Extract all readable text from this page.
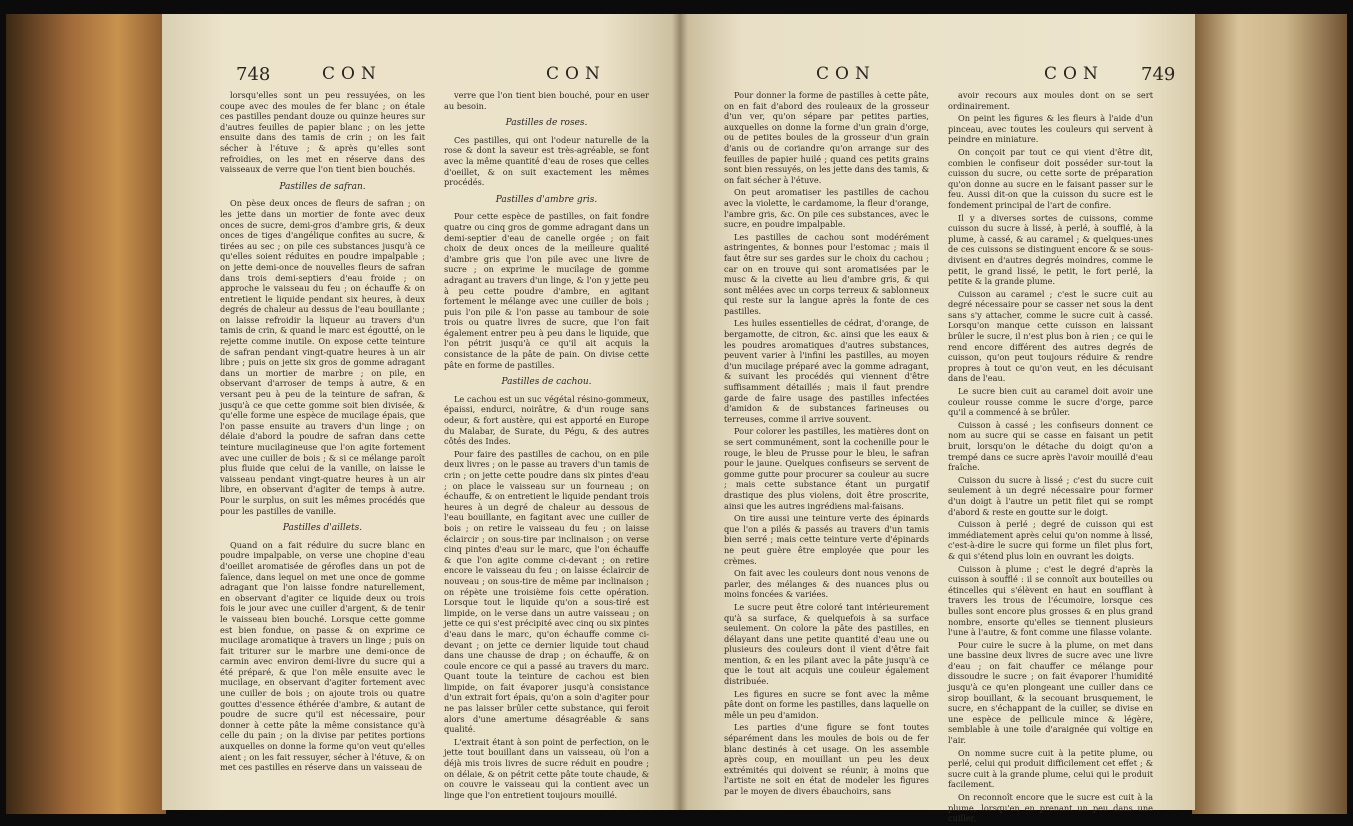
748	CON	CON

lorsqu'elles sont un peu ressuyées, on les coupe avec des moules de fer blanc ; on étale ces pastilles pendant douze ou quinze heures sur d'autres feuilles de papier blanc ; on les jette ensuite dans des tamis de crin ; on les fait sécher à l'étuve ; & après qu'elles sont refroidies, on les met en réserve dans des vaisseaux de verre que l'on tient bien bouchés.

Pastilles de safran.

On pèse deux onces de fleurs de safran ; on les jette dans un mortier de fonte avec deux onces de sucre, demi-gros d'ambre gris, & deux onces de tiges d'angélique confites au sucre, & tirées au sec ; on pile ces substances jusqu'à ce qu'elles soient réduites en poudre impalpable ; on jette demi-once de nouvelles fleurs de safran dans trois demi-septiers d'eau froide ; on approche le vaisseau du feu ; on échauffe & on entretient le liquide pendant six heures, à deux degrés de chaleur au dessus de l'eau bouillante ; on laisse refroidir la liqueur au travers d'un tamis de crin, & quand le marc est égoutté, on le rejette comme inutile. On expose cette teinture de safran pendant vingt-quatre heures à un air libre ; puis on jette six gros de gomme adragant dans un mortier de marbre ; on pile, en observant d'arroser de temps à autre, & en versant peu à peu de la teinture de safran, & jusqu'à ce que cette gomme soit bien divisée, & qu'elle forme une espèce de mucilage épais, que l'on passe ensuite au travers d'un linge ; on délaie d'abord la poudre de safran dans cette teinture mucilagineuse que l'on agite fortement avec une cuiller de bois ; & si ce mélange paroît plus fluide que celui de la vanille, on laisse le vaisseau pendant vingt-quatre heures à un air libre, en observant d'agiter de temps à autre. Pour le surplus, on suit les mêmes procédés que pour les pastilles de vanille.

Pastilles d'aillets.

Quand on a fait réduire du sucre blanc en poudre impalpable, on verse une chopine d'eau d'oeillet aromatisée de gérofles dans un pot de faïence, dans lequel on met une once de gomme adragant que l'on laisse fondre naturellement, en observant d'agiter ce liquide deux ou trois fois le jour avec une cuiller d'argent, & de tenir le vaisseau bien bouché. Lorsque cette gomme est bien fondue, on passe & on exprime ce mucilage aromatique à travers un linge ; puis on fait triturer sur le marbre une demi-once de carmin avec environ demi-livre du sucre qui a été préparé, & que l'on mêle ensuite avec le mucilage, en observant d'agiter fortement avec une cuiller de bois ; on ajoute trois ou quatre gouttes d'essence éthérée d'ambre, & autant de poudre de sucre qu'il est nécessaire, pour donner à cette pâte la même consistance qu'à celle du pain ; on la divise par petites portions auxquelles on donne la forme qu'on veut qu'elles aient ; on les fait ressuyer, sécher à l'étuve, & on met ces pastilles en réserve dans un vaisseau de

verre que l'on tient bien bouché, pour en user au besoin.

Pastilles de roses.

Ces pastilles, qui ont l'odeur naturelle de la rose & dont la saveur est très-agréable, se font avec la même quantité d'eau de roses que celles d'oeillet, & on suit exactement les mêmes procédés.

Pastilles d'ambre gris.

Pour cette espèce de pastilles, on fait fondre quatre ou cinq gros de gomme adragant dans un demi-septier d'eau de canelle orgée ; on fait choix de deux onces de la meilleure qualité d'ambre gris que l'on pile avec une livre de sucre ; on exprime le mucilage de gomme adragant au travers d'un linge, & l'on y jette peu à peu cette poudre d'ambre, en agitant fortement le mélange avec une cuiller de bois ; puis l'on pile & l'on passe au tambour de soie trois ou quatre livres de sucre, que l'on fait également entrer peu à peu dans le liquide, que l'on pétrit jusqu'à ce qu'il ait acquis la consistance de la pâte de pain. On divise cette pâte en forme de pastilles.

Pastilles de cachou.

Le cachou est un suc végétal résino-gommeux, épaissi, endurci, noirâtre, & d'un rouge sans odeur, & fort austère, qui est apporté en Europe du Malabar, de Surate, du Pégu, & des autres côtés des Indes.

Pour faire des pastilles de cachou, on en pile deux livres ; on le passe au travers d'un tamis de crin ; on jette cette poudre dans six pintes d'eau ; on place le vaisseau sur un fourneau ; on échauffe, & on entretient le liquide pendant trois heures à un degré de chaleur au dessous de l'eau bouillante, en fagitant avec une cuiller de bois ; on retire le vaisseau du feu ; on laisse éclaircir ; on sous-tire par inclinaison ; on verse cinq pintes d'eau sur le marc, que l'on échauffe & que l'on agite comme ci-devant ; on retire encore le vaisseau du feu ; on laisse éclaircir de nouveau ; on sous-tire de même par inclinaison ; on répète une troisième fois cette opération. Lorsque tout le liquide qu'on a sous-tiré est limpide, on le verse dans un autre vaisseau ; on jette ce qui s'est précipité avec cinq ou six pintes d'eau dans le marc, qu'on échauffe comme ci-devant ; on jette ce dernier liquide tout chaud dans une chausse de drap ; on échauffe, & on coule encore ce qui a passé au travers du marc. Quant toute la teinture de cachou est bien limpide, on fait évaporer jusqu'à consistance d'un extrait fort épais, qu'on a soin d'agiter pour ne pas laisser brûler cette substance, qui feroit alors d'une amertume désagréable & sans qualité.

L'extrait étant à son point de perfection, on le jette tout bouillant dans un vaisseau, où l'on a déjà mis trois livres de sucre réduit en poudre ; on délaie, & on pétrit cette pâte toute chaude, & on couvre le vaisseau qui la contient avec un linge que l'on entretient toujours mouillé.

CON	CON 749

Pour donner la forme de pastilles à cette pâte, on en fait d'abord des rouleaux de la grosseur d'un ver, qu'on sépare par petites parties, auxquelles on donne la forme d'un grain d'orge, ou de petites boules de la grosseur d'un grain d'anis ou de coriandre qu'on arrange sur des feuilles de papier huilé ; quand ces petits grains sont bien ressuyés, on les jette dans des tamis, & on fait sécher à l'étuve.

On peut aromatiser les pastilles de cachou avec la violette, le cardamome, la fleur d'orange, l'ambre gris, &c. On pile ces substances, avec le sucre, en poudre impalpable.

Les pastilles de cachou sont modérément astringentes, & bonnes pour l'estomac ; mais il faut être sur ses gardes sur le choix du cachou ; car on en trouve qui sont aromatisées par le musc & la civette au lieu d'ambre gris, & qui sont mêlées avec un corps terreux & sablonneux qui reste sur la langue après la fonte de ces pastilles.

Les huiles essentielles de cédrat, d'orange, de bergamotte, de citron, &c. ainsi que les eaux & les poudres aromatiques d'autres substances, peuvent varier à l'infini les pastilles, au moyen d'un mucilage préparé avec la gomme adragant, & suivant les procédés qui viennent d'être suffisamment détaillés ; mais il faut prendre garde de faire usage des pastilles infectées d'amidon & de substances farineuses ou terreuses, comme il arrive souvent.

Pour colorer les pastilles, les matières dont on se sert communément, sont la cochenille pour le rouge, le bleu de Prusse pour le bleu, le safran pour le jaune. Quelques confiseurs se servent de gomme gutte pour procurer sa couleur au sucre ; mais cette substance étant un purgatif drastique des plus violens, doit être proscrite, ainsi que les autres ingrédiens mal-faisans.

On tire aussi une teinture verte des épinards que l'on a pilés & passés au travers d'un tamis bien serré ; mais cette teinture verte d'épinards ne peut guère être employée que pour les crèmes.

On fait avec les couleurs dont nous venons de parler, des mélanges & des nuances plus ou moins foncées & variées.

Le sucre peut être coloré tant intérieurement qu'à sa surface, & quelquefois à sa surface seulement. On colore la pâte des pastilles, en délayant dans une petite quantité d'eau une ou plusieurs des couleurs dont il vient d'être fait mention, & en les pilant avec la pâte jusqu'à ce que le tout ait acquis une couleur également distribuée.

Les figures en sucre se font avec la même pâte dont on forme les pastilles, dans laquelle on mêle un peu d'amidon.

Les parties d'une figure se font toutes séparément dans les moules de bois ou de fer blanc destinés à cet usage. On les assemble après coup, en mouillant un peu les deux extrémités qui doivent se réunir, à moins que l'artiste ne soit en état de modeler les figures par le moyen de divers ébauchoirs, sans

avoir recours aux moules dont on se sert ordinairement.

On peint les figures & les fleurs à l'aide d'un pinceau, avec toutes les couleurs qui servent à peindre en miniature.

On conçoit par tout ce qui vient d'être dit, combien le confiseur doit posséder sur-tout la cuisson du sucre, ou cette sorte de préparation qu'on donne au sucre en le faisant passer sur le feu. Aussi dit-on que la cuisson du sucre est le fondement principal de l'art de confire.

Il y a diverses sortes de cuissons, comme cuisson du sucre à lissé, à perlé, à soufflé, à la plume, à cassé, & au caramel ; & quelques-unes de ces cuissons se distinguent encore & se sous-divisent en d'autres degrés moindres, comme le petit, le grand lissé, le petit, le fort perlé, la petite & la grande plume.

Cuisson au caramel ; c'est le sucre cuit au degré nécessaire pour se casser net sous la dent sans s'y attacher, comme le sucre cuit à cassé. Lorsqu'on manque cette cuisson en laissant brûler le sucre, il n'est plus bon à rien ; ce qui le rend encore différent des autres degrés de cuisson, qu'on peut toujours réduire & rendre propres à tout ce qu'on veut, en les décuisant dans de l'eau.

Le sucre bien cuit au caramel doit avoir une couleur rousse comme le sucre d'orge, parce qu'il a commencé à se brûler.

Cuisson à cassé ; les confiseurs donnent ce nom au sucre qui se casse en faisant un petit bruit, lorsqu'on le détache du doigt qu'on a trempé dans ce sucre après l'avoir mouillé d'eau fraîche.

Cuisson du sucre à lissé ; c'est du sucre cuit seulement à un degré nécessaire pour former d'un doigt à l'autre un petit filet qui se rompt d'abord & reste en goutte sur le doigt.

Cuisson à perlé ; degré de cuisson qui est immédiatement après celui qu'on nomme à lissé, c'est-à-dire le sucre qui forme un filet plus fort, & qui s'étend plus loin en ouvrant les doigts.

Cuisson à plume ; c'est le degré d'après la cuisson à soufflé : il se connoît aux bouteilles ou étincelles qui s'élèvent en haut en soufflant à travers les trous de l'écumoire, lorsque ces bulles sont encore plus grosses & en plus grand nombre, ensorte qu'elles se tiennent plusieurs l'une à l'autre, & font comme une filasse volante.

Pour cuire le sucre à la plume, on met dans une bassine deux livres de sucre avec une livre d'eau ; on fait chauffer ce mélange pour dissoudre le sucre ; on fait évaporer l'humidité jusqu'à ce qu'en plongeant une cuiller dans ce sirop bouillant, & la secouant brusquement, le sucre, en s'échappant de la cuiller, se divise en une espèce de pellicule mince & légère, semblable à une toile d'araignée qui voltige en l'air.

On nomme sucre cuit à la petite plume, ou perlé, celui qui produit difficilement cet effet ; & sucre cuit à la grande plume, celui qui le produit facilement.

On reconnoît encore que le sucre est cuit à la plume, lorsqu'en en prenant un peu dans une cuiller,
